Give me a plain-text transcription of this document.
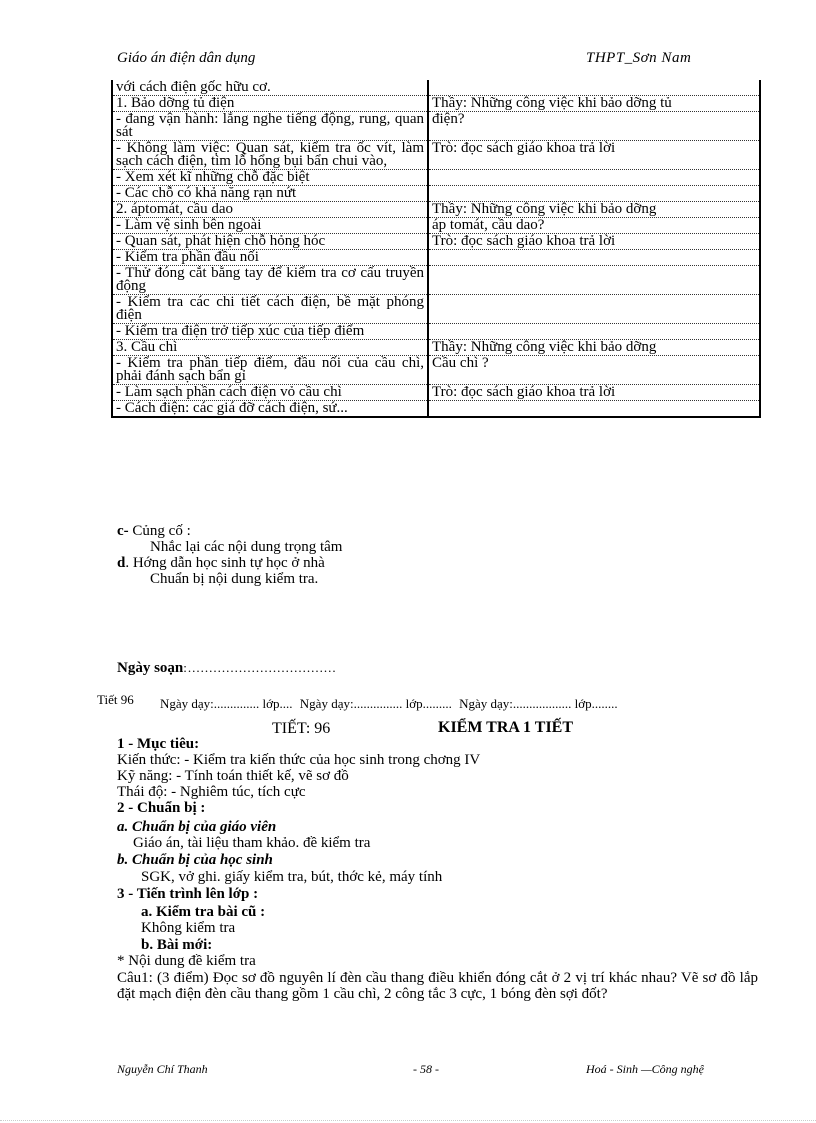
Giáo án điện dân dụng	THPT_Sơn Nam
với cách điện gốc hữu cơ.	
1. Bảo dỡng tủ điện	Thầy: Những công việc khi bảo dỡng tủ
- đang vận hành: lắng nghe tiếng động, rung, quan sát	điện?
- Không làm việc: Quan sát, kiểm tra ốc vít, làm sạch cách điện, tìm lỗ hổng bụi bẩn chui vào,	Trò: đọc sách giáo khoa trả lời
- Xem xét kĩ những chỗ đặc biệt	
- Các chỗ có khả năng rạn nứt	
2. áptomát, cầu dao	Thầy: Những công việc khi bảo dỡng
- Làm vệ sinh bên ngoài	áp tomát, cầu dao?
- Quan sát, phát hiện chỗ hỏng hóc	Trò: đọc sách giáo khoa trả lời
- Kiểm tra phần đầu nối	
- Thử đóng cắt bằng tay để kiểm tra cơ cấu truyền động	
- Kiểm tra các chi tiết cách điện, bề mặt phóng điện	
- Kiểm tra điện trở tiếp xúc của tiếp điểm	
3. Cầu chì	Thầy: Những công việc khi bảo dỡng
- Kiểm tra phần tiếp điểm, đầu nối của cầu chì, phải đánh sạch bẩn gỉ	Cầu chì ?
- Làm sạch phần cách điện vỏ cầu chì	Trò: đọc sách giáo khoa trả lời
- Cách điện: các giá đỡ cách điện, sứ...	
c- Củng cố :
Nhắc lại các nội dung trọng tâm
d. Hớng dẫn học sinh tự học ở nhà
Chuẩn bị nội dung kiểm tra.
Ngày soạn:...................................
Tiết 96 Ngày dạy:.............. lớp.... Ngày dạy:............... lớp......... Ngày dạy:.................. lớp........
TIẾT: 96	KIỂM TRA 1 TIẾT
1 - Mục tiêu:
Kiến thức: - Kiểm tra kiến thức của học sinh trong chơng IV
Kỹ năng: - Tính toán thiết kế, vẽ sơ đồ
Thái độ: - Nghiêm túc, tích cực
2 - Chuẩn bị :
a. Chuẩn bị của giáo viên
Giáo án, tài liệu tham khảo. đề kiểm tra
b. Chuẩn bị của học sinh
SGK, vở ghi. giấy kiểm tra, bút, thớc kẻ, máy tính
3 - Tiến trình lên lớp :
a. Kiểm tra bài cũ :
Không kiểm tra
b. Bài mới:
* Nội dung đề kiểm tra
Câu1: (3 điểm) Đọc sơ đồ nguyên lí đèn cầu thang điều khiển đóng cắt ở 2 vị trí khác nhau? Vẽ sơ đồ lắp đặt mạch điện đèn cầu thang gồm 1 cầu chì, 2 công tắc 3 cực, 1 bóng đèn sợi đốt?
Nguyễn Chí Thanh	- 58 -	Hoá - Sinh —Công nghệ
